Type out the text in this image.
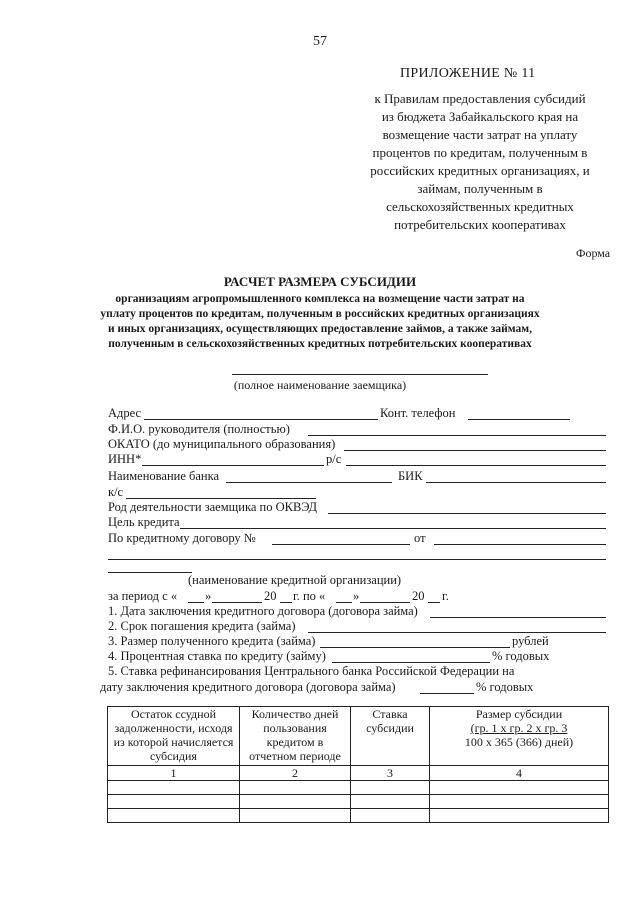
57
ПРИЛОЖЕНИЕ № 11
к Правилам предоставления субсидий
из бюджета Забайкальского края на
возмещение части затрат на уплату
процентов по кредитам, полученным в
российских кредитных организациях, и
займам, полученным в
сельскохозяйственных кредитных
потребительских кооперативах
Форма
РАСЧЕТ РАЗМЕРА СУБСИДИИ
организациям агропромышленного комплекса на возмещение части затрат на
уплату процентов по кредитам, полученным в российских кредитных организациях
и иных организациях, осуществляющих предоставление займов, а также займам,
полученным в сельскохозяйственных кредитных потребительских кооперативах
(полное наименование заемщика)
Адрес	Конт. телефон
Ф.И.О. руководителя (полностью)
ОКАТО (до муниципального образования)
ИНН*	р/с
Наименование банка	БИК
к/с
Род деятельности заемщика по ОКВЭД
Цель кредита
По кредитному договору №	от
(наименование кредитной организации)
за период с « »	20 г. по « »	20 г.
1. Дата заключения кредитного договора (договора займа)
2. Срок погашения кредита (займа)
3. Размер полученного кредита (займа)	рублей
4. Процентная ставка по кредиту (займу)	% годовых
5. Ставка рефинансирования Центрального банка Российской Федерации на
дату заключения кредитного договора (договора займа)	% годовых
Остаток ссудной задолженности, исходя из которой начисляется субсидия	Количество дней пользования кредитом в отчетном периоде	Ставка субсидии	Размер субсидии
(гр. 1 х гр. 2 х гр. 3
100 х 365 (366) дней)

1	2	3	4
